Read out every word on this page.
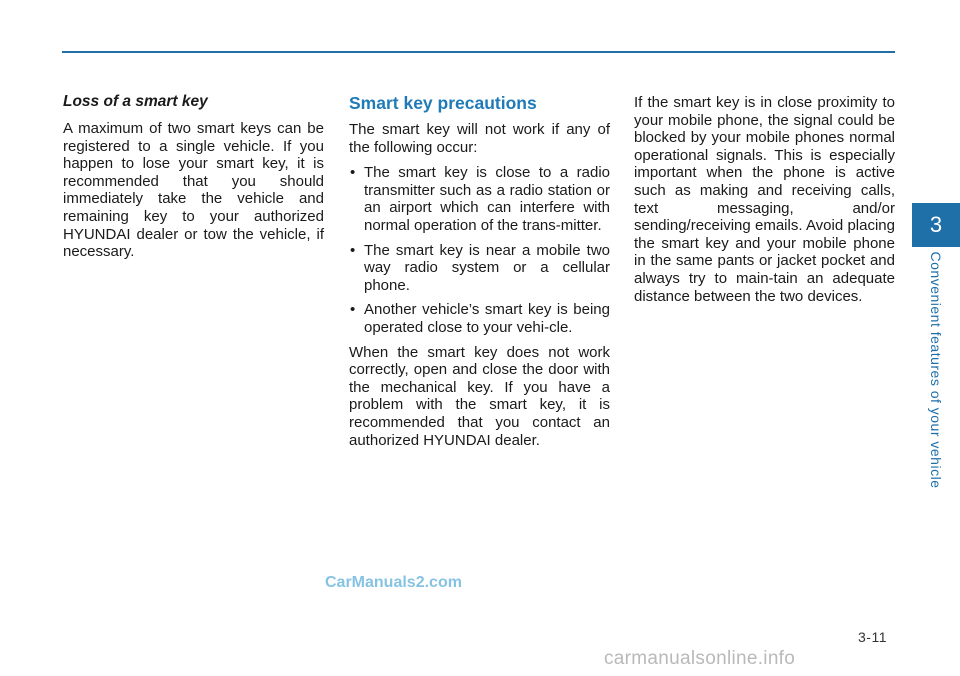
Loss of a smart key

A maximum of two smart keys can be registered to a single vehicle. If you happen to lose your smart key, it is recommended that you should immediately take the vehicle and remaining key to your authorized HYUNDAI dealer or tow the vehicle, if necessary.

Smart key precautions

The smart key will not work if any of the following occur:

• The smart key is close to a radio transmitter such as a radio station or an airport which can interfere with normal operation of the trans-mitter.
• The smart key is near a mobile two way radio system or a cellular phone.
• Another vehicle’s smart key is being operated close to your vehi-cle.

When the smart key does not work correctly, open and close the door with the mechanical key. If you have a problem with the smart key, it is recommended that you contact an authorized HYUNDAI dealer.

If the smart key is in close proximity to your mobile phone, the signal could be blocked by your mobile phones normal operational signals. This is especially important when the phone is active such as making and receiving calls, text messaging, and/or sending/receiving emails. Avoid placing the smart key and your mobile phone in the same pants or jacket pocket and always try to main-tain an adequate distance between the two devices.

3
Convenient features of your vehicle
CarManuals2.com
3-11
carmanualsonline.info
